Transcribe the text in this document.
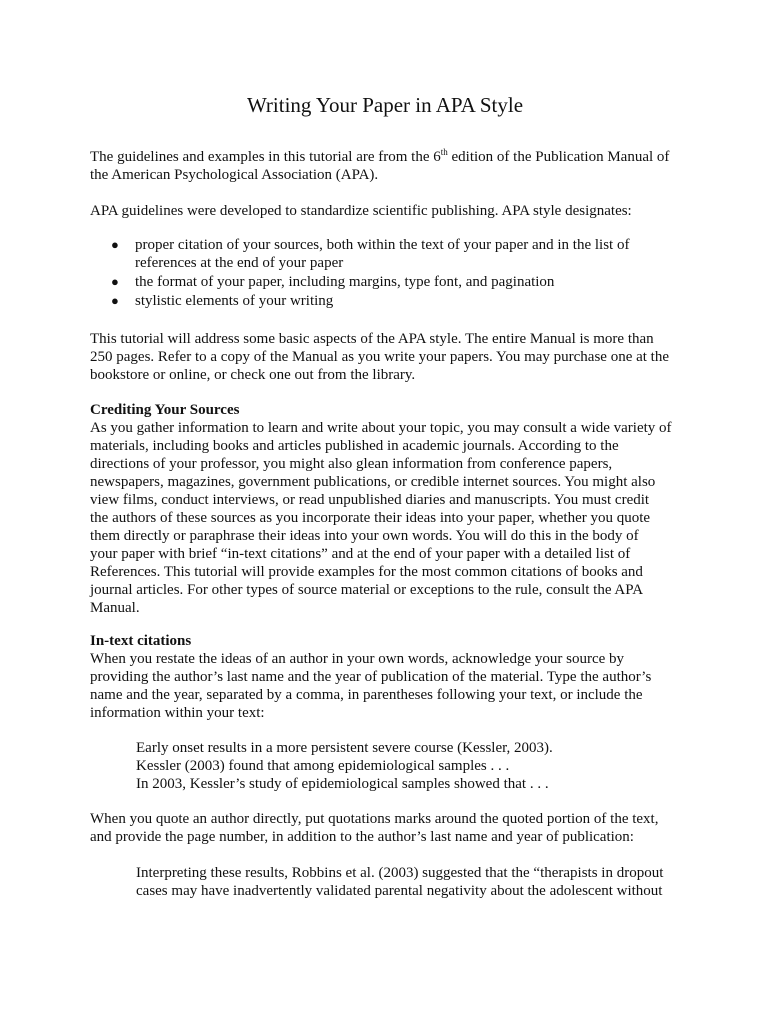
Writing Your Paper in APA Style
The guidelines and examples in this tutorial are from the 6th edition of the Publication Manual of
the American Psychological Association (APA).
APA guidelines were developed to standardize scientific publishing. APA style designates:
● proper citation of your sources, both within the text of your paper and in the list of
references at the end of your paper
● the format of your paper, including margins, type font, and pagination
● stylistic elements of your writing
This tutorial will address some basic aspects of the APA style. The entire Manual is more than
250 pages. Refer to a copy of the Manual as you write your papers. You may purchase one at the
bookstore or online, or check one out from the library.
Crediting Your Sources
As you gather information to learn and write about your topic, you may consult a wide variety of
materials, including books and articles published in academic journals. According to the
directions of your professor, you might also glean information from conference papers,
newspapers, magazines, government publications, or credible internet sources. You might also
view films, conduct interviews, or read unpublished diaries and manuscripts. You must credit
the authors of these sources as you incorporate their ideas into your paper, whether you quote
them directly or paraphrase their ideas into your own words. You will do this in the body of
your paper with brief “in-text citations” and at the end of your paper with a detailed list of
References. This tutorial will provide examples for the most common citations of books and
journal articles. For other types of source material or exceptions to the rule, consult the APA
Manual.
In-text citations
When you restate the ideas of an author in your own words, acknowledge your source by
providing the author’s last name and the year of publication of the material. Type the author’s
name and the year, separated by a comma, in parentheses following your text, or include the
information within your text:
Early onset results in a more persistent severe course (Kessler, 2003).
Kessler (2003) found that among epidemiological samples . . .
In 2003, Kessler’s study of epidemiological samples showed that . . .
When you quote an author directly, put quotations marks around the quoted portion of the text,
and provide the page number, in addition to the author’s last name and year of publication:
Interpreting these results, Robbins et al. (2003) suggested that the “therapists in dropout
cases may have inadvertently validated parental negativity about the adolescent without
